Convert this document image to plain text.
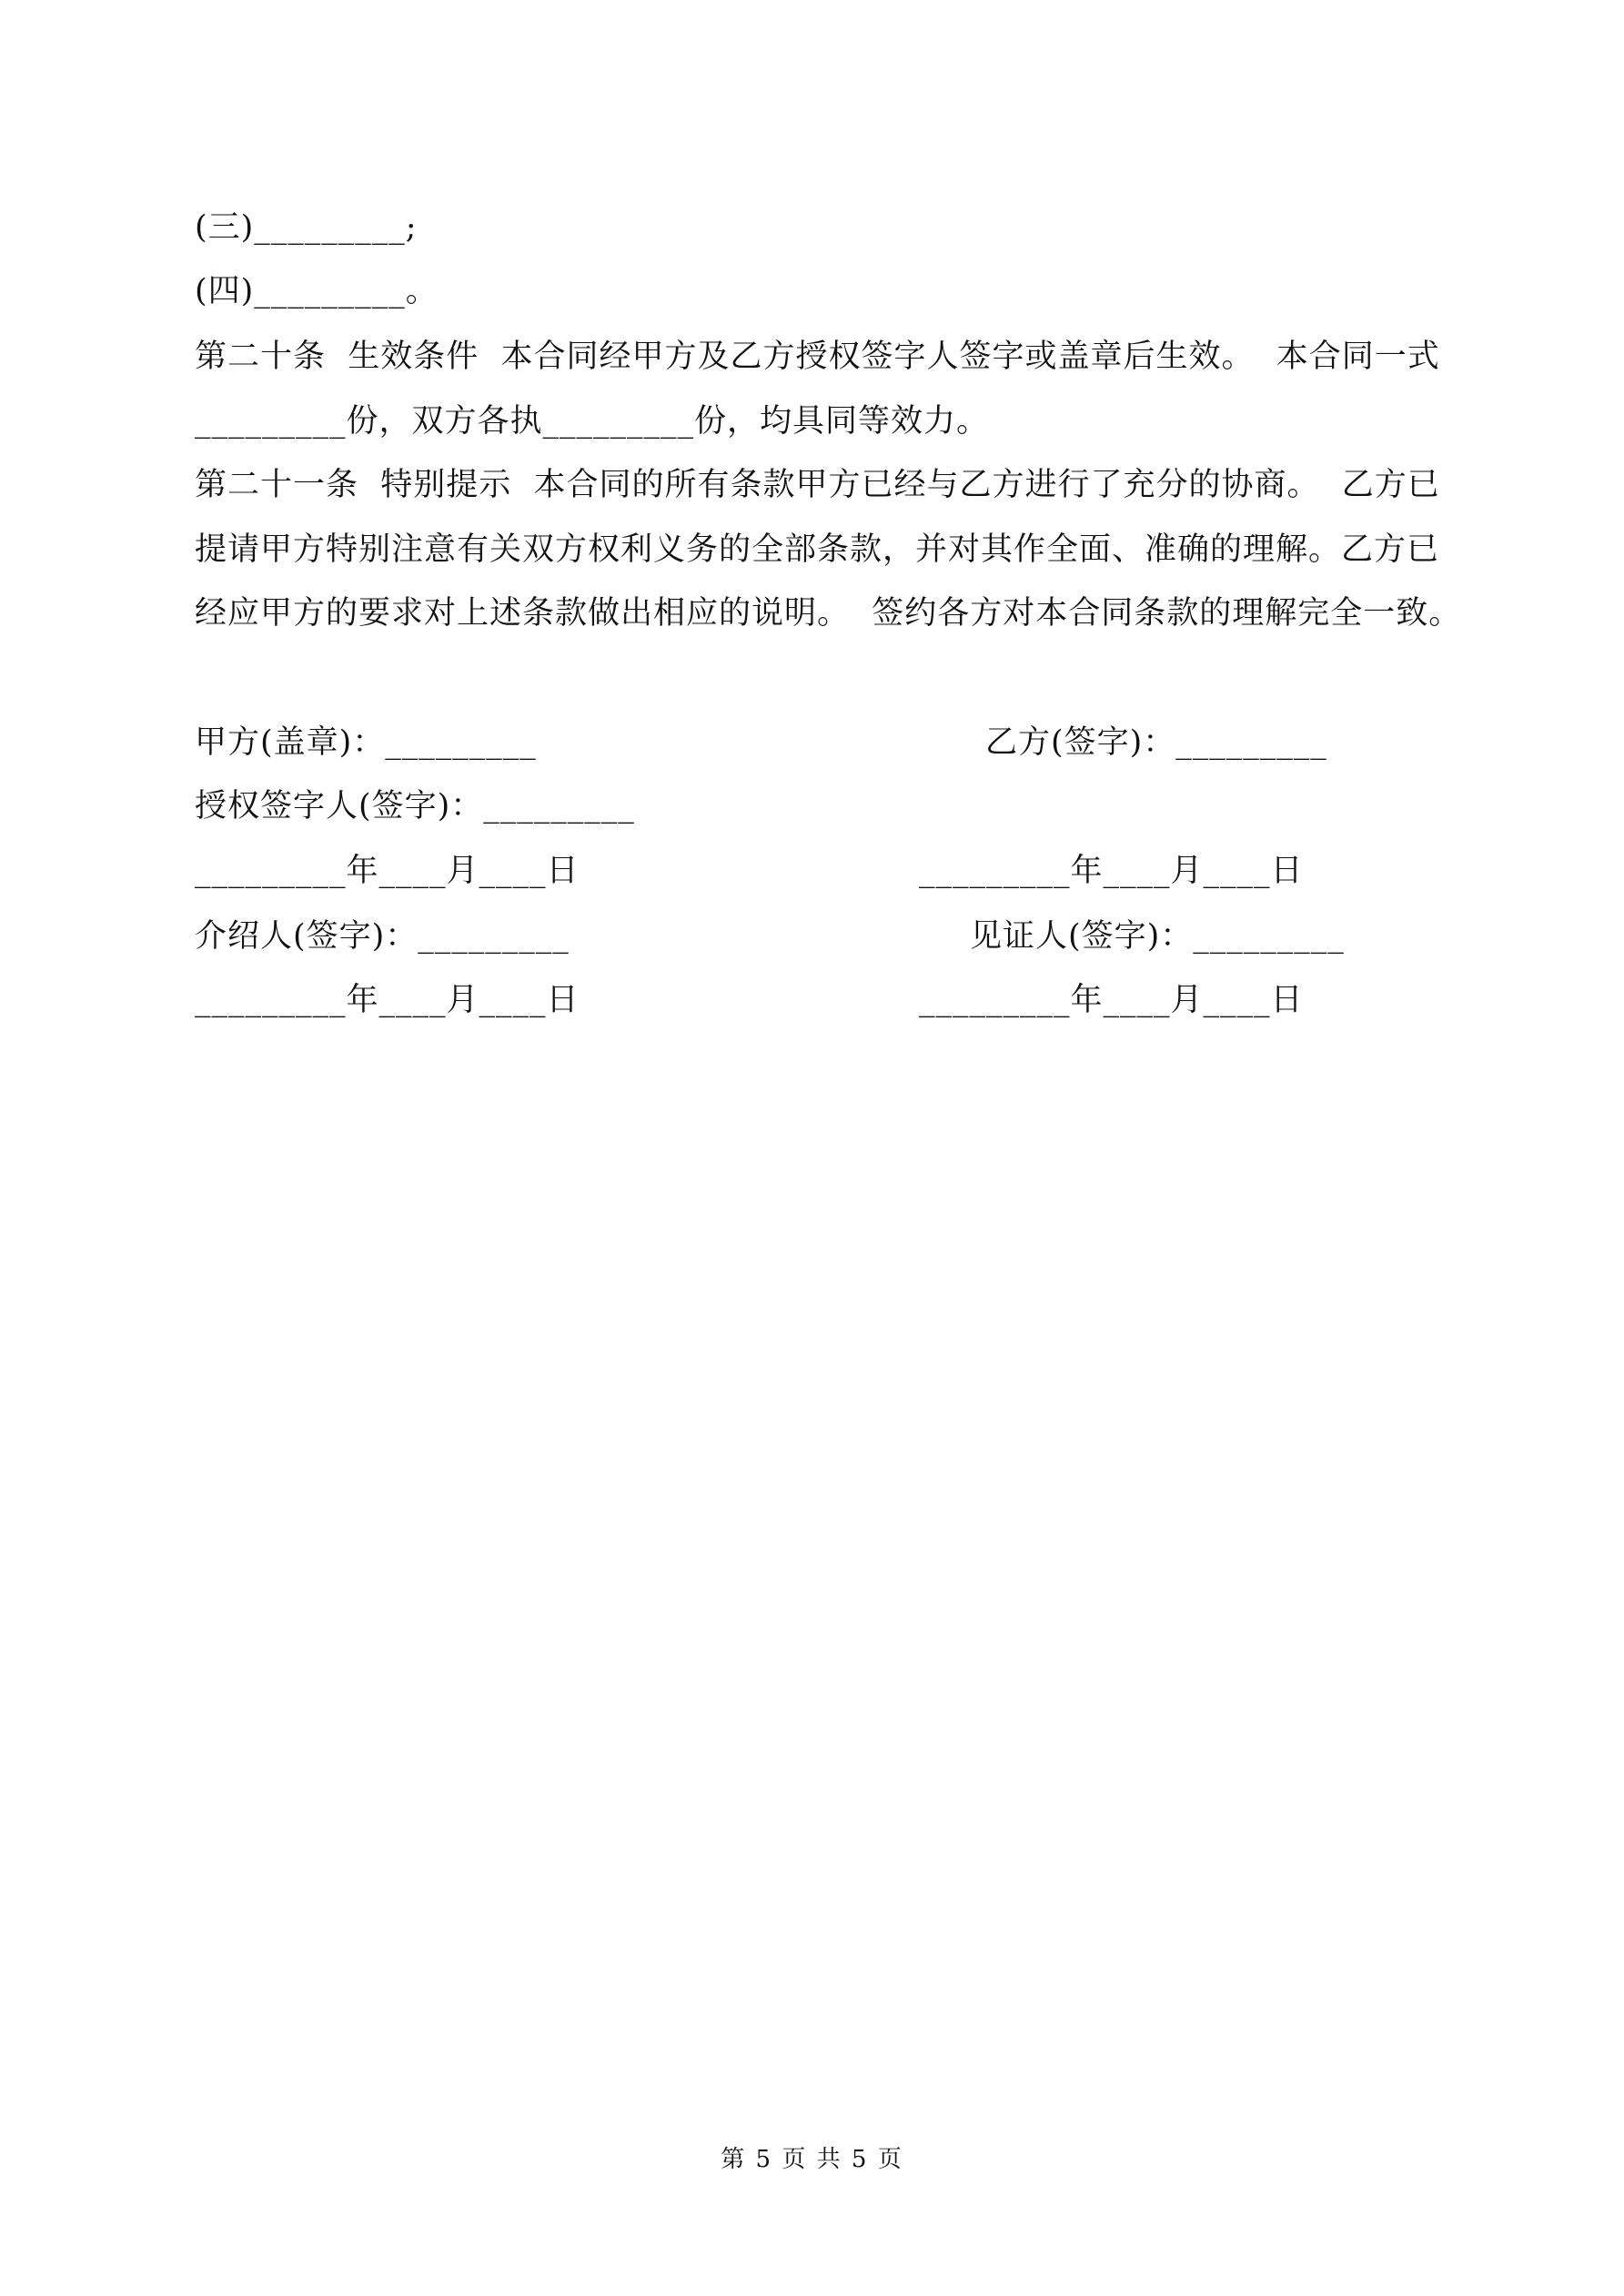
(三)_________;
(四)_________。
第二十条  生效条件  本合同经甲方及乙方授权签字人签字或盖章后生效。  本合同一式
_________份，双方各执_________份，均具同等效力。
第二十一条  特别提示  本合同的所有条款甲方已经与乙方进行了充分的协商。  乙方已
提请甲方特别注意有关双方权利义务的全部条款，并对其作全面、准确的理解。乙方已
经应甲方的要求对上述条款做出相应的说明。  签约各方对本合同条款的理解完全一致。
甲方(盖章)：_________	乙方(签字)：_________
授权签字人(签字)：_________
_________年____月____日	_________年____月____日
介绍人(签字)：_________	见证人(签字)：_________
_________年____月____日	_________年____月____日
第 5 页 共 5 页
